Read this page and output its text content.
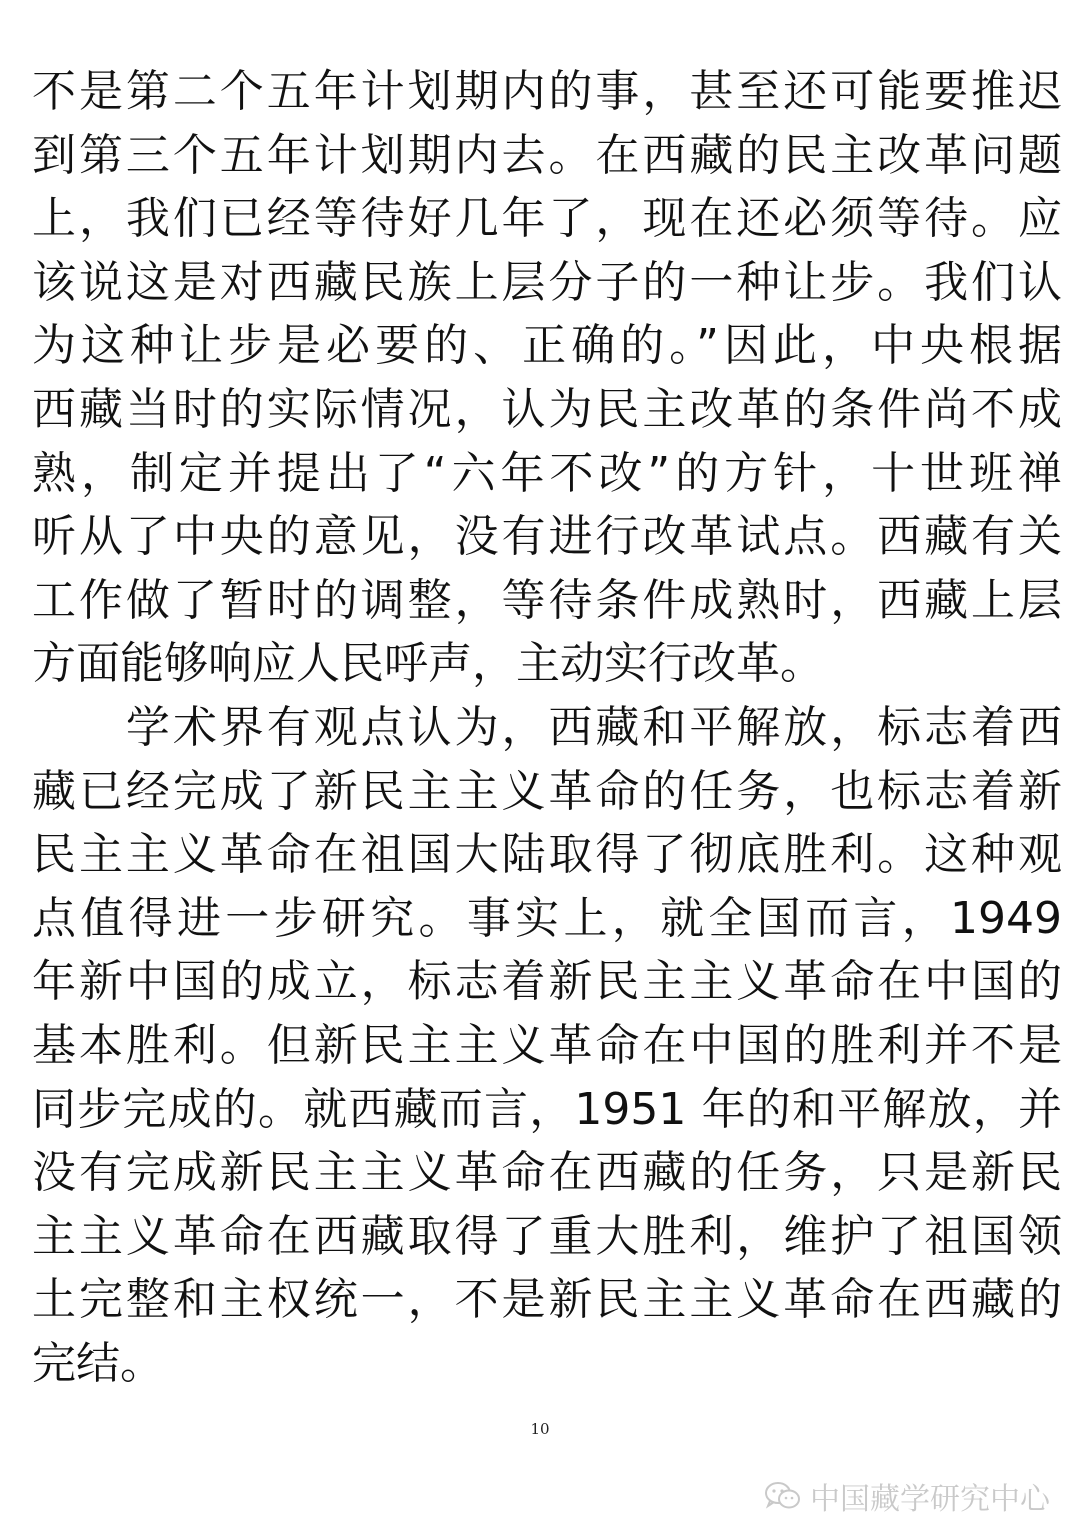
不是第二个五年计划期内的事，甚至还可能要推迟
到第三个五年计划期内去。在西藏的民主改革问题
上，我们已经等待好几年了，现在还必须等待。应
该说这是对西藏民族上层分子的一种让步。我们认
为这种让步是必要的、正确的。”因此，中央根据
西藏当时的实际情况，认为民主改革的条件尚不成
熟，制定并提出了“六年不改”的方针，十世班禅
听从了中央的意见，没有进行改革试点。西藏有关
工作做了暂时的调整，等待条件成熟时，西藏上层
方面能够响应人民呼声，主动实行改革。
　　学术界有观点认为，西藏和平解放，标志着西
藏已经完成了新民主主义革命的任务，也标志着新
民主主义革命在祖国大陆取得了彻底胜利。这种观
点值得进一步研究。事实上，就全国而言，1949
年新中国的成立，标志着新民主主义革命在中国的
基本胜利。但新民主主义革命在中国的胜利并不是
同步完成的。就西藏而言，1951 年的和平解放，并
没有完成新民主主义革命在西藏的任务，只是新民
主主义革命在西藏取得了重大胜利，维护了祖国领
土完整和主权统一，不是新民主主义革命在西藏的
完结。
10
中国藏学研究中心
